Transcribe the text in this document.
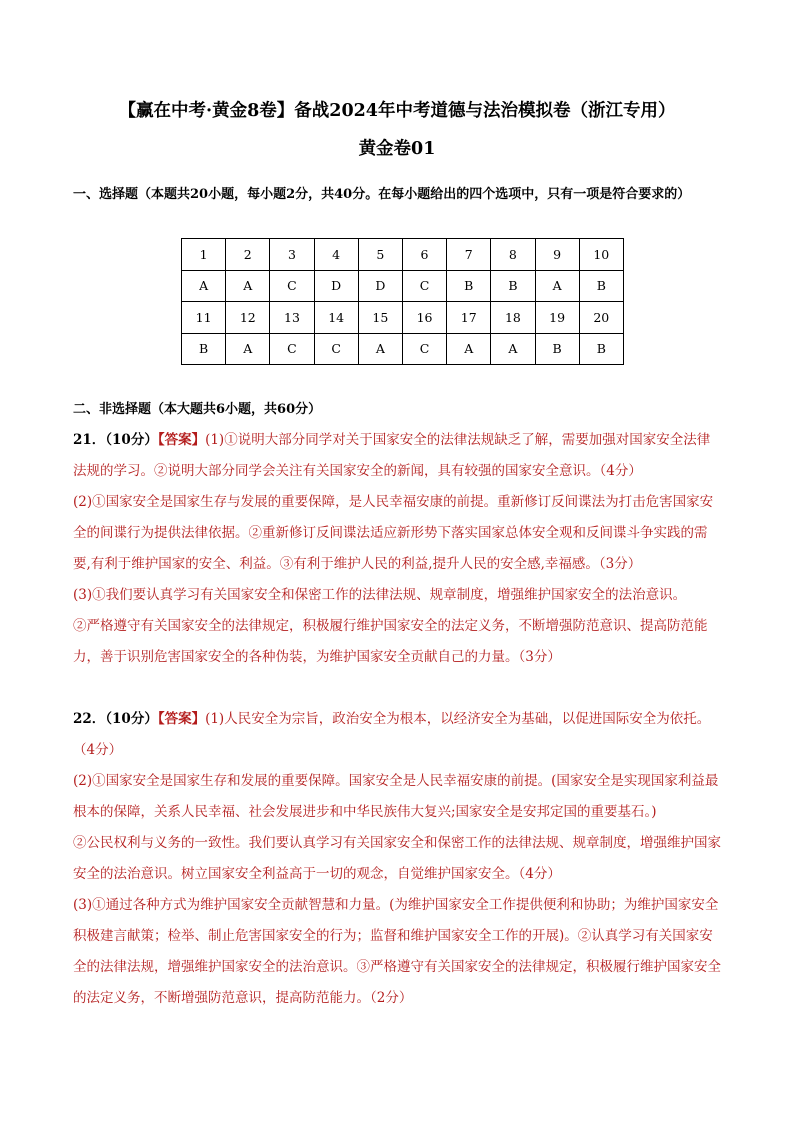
【赢在中考·黄金8卷】备战2024年中考道德与法治模拟卷（浙江专用）
黄金卷01
一、选择题（本题共20小题，每小题2分，共40分。在每小题给出的四个选项中，只有一项是符合要求的）
1	2	3	4	5	6	7	8	9	10
A	A	C	D	D	C	B	B	A	B
11	12	13	14	15	16	17	18	19	20
B	A	C	C	A	C	A	A	B	B
二、非选择题（本大题共6小题，共60分）

21．（10分）【答案】(1)①说明大部分同学对关于国家安全的法律法规缺乏了解，需要加强对国家安全法律法规的学习。②说明大部分同学会关注有关国家安全的新闻，具有较强的国家安全意识。（4分）

(2)①国家安全是国家生存与发展的重要保障，是人民幸福安康的前提。重新修订反间谍法为打击危害国家安全的间谍行为提供法律依据。②重新修订反间谍法适应新形势下落实国家总体安全观和反间谍斗争实践的需要,有利于维护国家的安全、利益。③有利于维护人民的利益,提升人民的安全感,幸福感。（3分）

(3)①我们要认真学习有关国家安全和保密工作的法律法规、规章制度，增强维护国家安全的法治意识。

②严格遵守有关国家安全的法律规定，积极履行维护国家安全的法定义务，不断增强防范意识、提高防范能力，善于识别危害国家安全的各种伪装，为维护国家安全贡献自己的力量。（3分）

22．（10分）【答案】(1)人民安全为宗旨，政治安全为根本，以经济安全为基础，以促进国际安全为依托。（4分）

(2)①国家安全是国家生存和发展的重要保障。国家安全是人民幸福安康的前提。(国家安全是实现国家利益最根本的保障，关系人民幸福、社会发展进步和中华民族伟大复兴;国家安全是安邦定国的重要基石。)

②公民权利与义务的一致性。我们要认真学习有关国家安全和保密工作的法律法规、规章制度，增强维护国家安全的法治意识。树立国家安全利益高于一切的观念，自觉维护国家安全。（4分）

(3)①通过各种方式为维护国家安全贡献智慧和力量。(为维护国家安全工作提供便利和协助；为维护国家安全积极建言献策；检举、制止危害国家安全的行为；监督和维护国家安全工作的开展)。②认真学习有关国家安全的法律法规，增强维护国家安全的法治意识。③严格遵守有关国家安全的法律规定，积极履行维护国家安全的法定义务，不断增强防范意识，提高防范能力。（2分）
